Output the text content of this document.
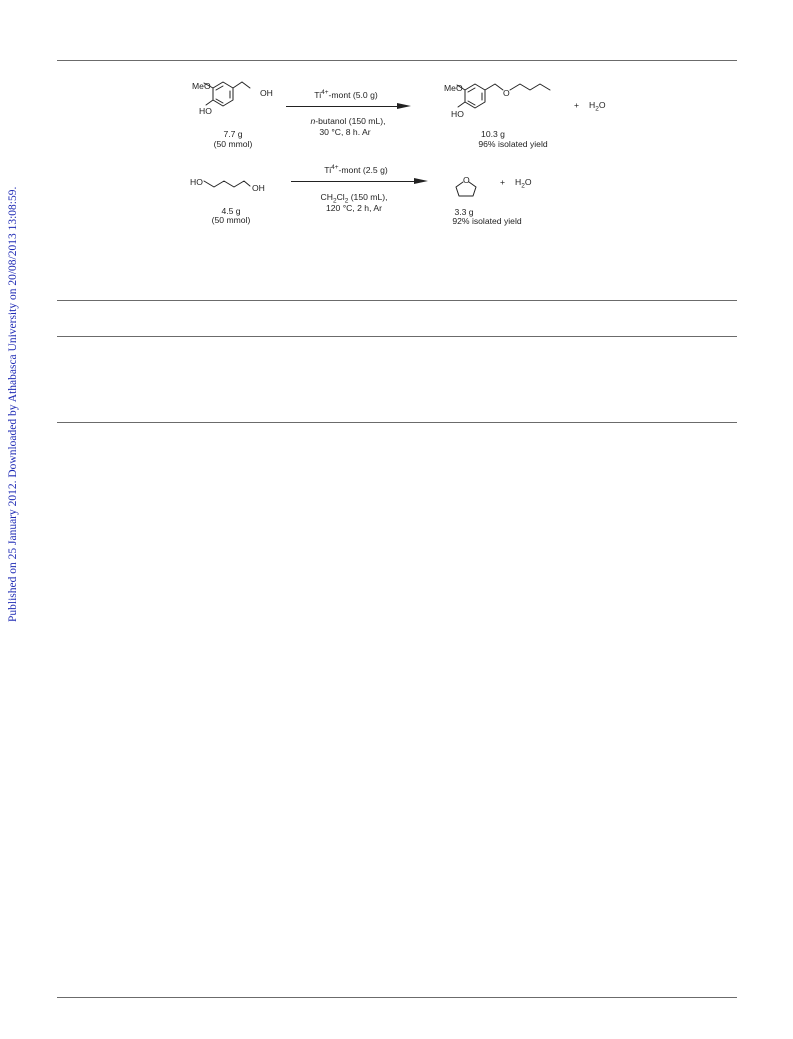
Published on 25 January 2012. Downloaded by Athabasca University on 20/08/2013 13:08:59.
MeO
HO
OH
7.7 g
(50 mmol)
$Ti^{4+}$-mont (5.0 g)
n-butanol (150 mL),
30 °C, 8 h. Ar
MeO
HO
O
10.3 g
96% isolated yield
+ $H_2O$
HO
OH
4.5 g
(50 mmol)
$Ti^{4+}$-mont (2.5 g)
$CH_2Cl_2$ (150 mL),
120 °C, 2 h, Ar
O
3.3 g
92% isolated yield
+ $H_2O$
